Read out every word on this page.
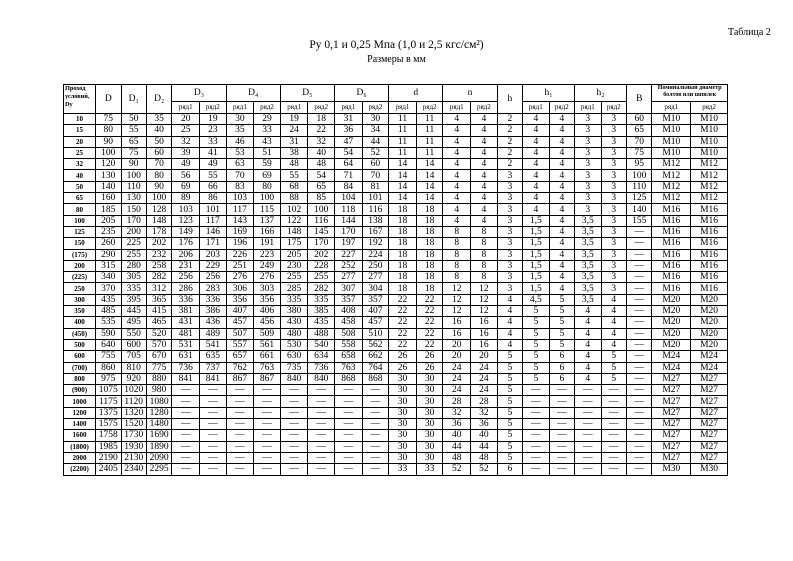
Таблица 2
Ру 0,1 и 0,25 Мпа (1,0 и 2,5 кгс/см²)
Размеры в мм
Проход условий, Dу	D	D₁	D₂	D₃		D₄		D₅		D₆		d		n		h	h₁		h₂		B	Номинальный диаметр болтов или шпилек	
				ряд1	ряд2	ряд1	ряд2	ряд1	ряд2	ряд1	ряд2	ряд1	ряд2	ряд1	ряд2		ряд1	ряд2	ряд1	ряд2		ряд1	ряд2
10	75	50	35	20	19	30	29	19	18	31	30	11	11	4	4	2	4	4	3	3	60	M10	M10
15	80	55	40	25	23	35	33	24	22	36	34	11	11	4	4	2	4	4	3	3	65	M10	M10
20	90	65	50	32	33	46	43	31	32	47	44	11	11	4	4	2	4	4	3	3	70	M10	M10
25	100	75	60	39	41	53	51	38	40	54	52	11	11	4	4	2	4	4	3	3	75	M10	M10
32	120	90	70	49	49	63	59	48	48	64	60	14	14	4	4	2	4	4	3	3	95	M12	M12
40	130	100	80	56	55	70	69	55	54	71	70	14	14	4	4	3	4	4	3	3	100	M12	M12
50	140	110	90	69	66	83	80	68	65	84	81	14	14	4	4	3	4	4	3	3	110	M12	M12
65	160	130	100	89	86	103	100	88	85	104	101	14	14	4	4	3	4	4	3	3	125	M12	M12
80	185	150	128	103	101	117	115	102	100	118	116	18	18	4	4	3	4	4	3	3	140	M16	M16
100	205	170	148	123	117	143	137	122	116	144	138	18	18	4	4	3	1,5	4	3,5	3	155	M16	M16
125	235	200	178	149	146	169	166	148	145	170	167	18	18	8	8	3	1,5	4	3,5	3	—	M16	M16
150	260	225	202	176	171	196	191	175	170	197	192	18	18	8	8	3	1,5	4	3,5	3	—	M16	M16
(175)	290	255	232	206	203	226	223	205	202	227	224	18	18	8	8	3	1,5	4	3,5	3	—	M16	M16
200	315	280	258	231	229	251	249	230	228	252	250	18	18	8	8	3	1,5	4	3,5	3	—	M16	M16
(225)	340	305	282	256	256	276	276	255	255	277	277	18	18	8	8	3	1,5	4	3,5	3	—	M16	M16
250	370	335	312	286	283	306	303	285	282	307	304	18	18	12	12	3	1,5	4	3,5	3	—	M16	M16
300	435	395	365	336	336	356	356	335	335	357	357	22	22	12	12	4	4,5	5	3,5	4	—	M20	M20
350	485	445	415	381	386	407	406	380	385	408	407	22	22	12	12	4	5	5	4	4	—	M20	M20
400	535	495	465	431	436	457	456	430	435	458	457	22	22	16	16	4	5	5	4	4	—	M20	M20
(450)	590	550	520	481	489	507	509	480	488	508	510	22	22	16	16	4	5	5	4	4	—	M20	M20
500	640	600	570	531	541	557	561	530	540	558	562	22	22	20	16	4	5	5	4	4	—	M20	M20
600	755	705	670	631	635	657	661	630	634	658	662	26	26	20	20	5	5	6	4	5	—	M24	M24
(700)	860	810	775	736	737	762	763	735	736	763	764	26	26	24	24	5	5	6	4	5	—	M24	M24
800	975	920	880	841	841	867	867	840	840	868	868	30	30	24	24	5	5	6	4	5	—	M27	M27
(900)	1075	1020	980	—	—	—	—	—	—	—	—	30	30	24	24	5	—	—	—	—	—	M27	M27
1000	1175	1120	1080	—	—	—	—	—	—	—	—	30	30	28	28	5	—	—	—	—	—	M27	M27
1200	1375	1320	1280	—	—	—	—	—	—	—	—	30	30	32	32	5	—	—	—	—	—	M27	M27
1400	1575	1520	1480	—	—	—	—	—	—	—	—	30	30	36	36	5	—	—	—	—	—	M27	M27
1600	1758	1730	1690	—	—	—	—	—	—	—	—	30	30	40	40	5	—	—	—	—	—	M27	M27
(1800)	1985	1930	1890	—	—	—	—	—	—	—	—	30	30	44	44	5	—	—	—	—	—	M27	M27
2000	2190	2130	2090	—	—	—	—	—	—	—	—	30	30	48	48	5	—	—	—	—	—	M27	M27
(2200)	2405	2340	2295	—	—	—	—	—	—	—	—	33	33	52	52	6	—	—	—	—	—	M30	M30
